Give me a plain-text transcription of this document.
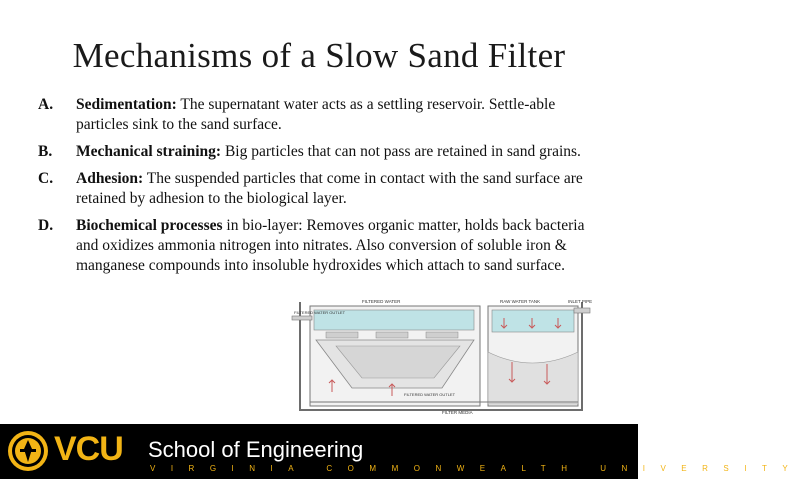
Mechanisms of a Slow Sand Filter
A. Sedimentation: The supernatant water acts as a settling reservoir. Settle-able particles sink to the sand surface.
B. Mechanical straining: Big particles that can not pass are retained in sand grains.
C. Adhesion: The suspended particles that come in contact with the sand surface are retained by adhesion to the biological layer.
D. Biochemical processes in bio-layer: Removes organic matter, holds back bacteria and oxidizes ammonia nitrogen into nitrates. Also conversion of soluble iron & manganese compounds into insoluble hydroxides which attach to sand surface.
FILTERED WATER	RAW WATER TANK	INLET PIPE
FILTERED WATER OUTLET
FILTERED WATER OUTLET
FILTER MEDIA
VCU School of Engineering
VIRGINIA COMMONWEALTH UNIVERSITY
